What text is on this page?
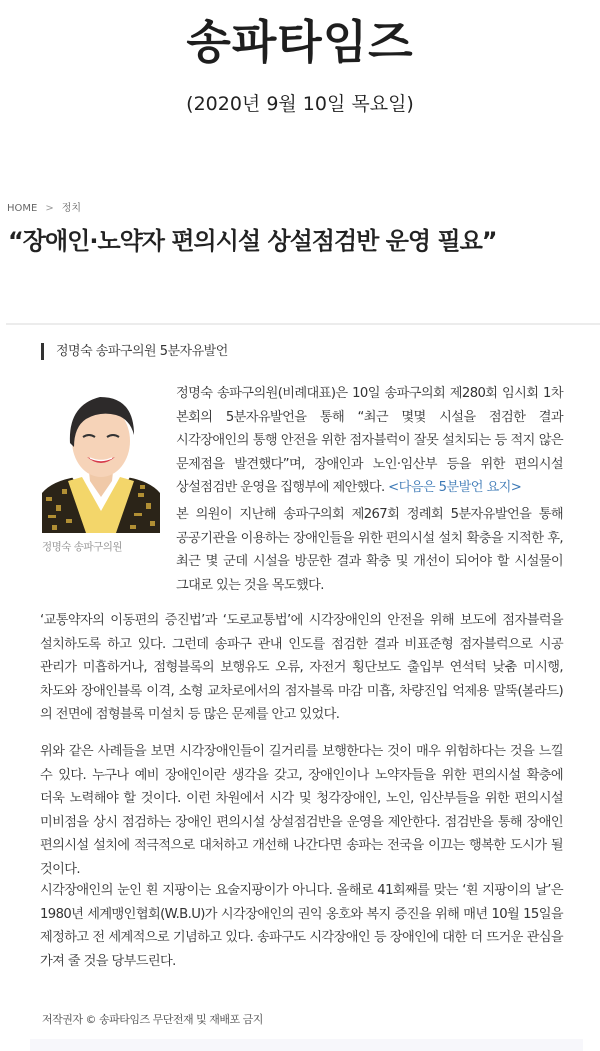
송파타임즈
(2020년 9월 10일 목요일)
HOME > 정치
“장애인·노약자 편의시설 상설점검반 운영 필요”
정명숙 송파구의원 5분자유발언
정명숙 송파구의원

정명숙 송파구의원(비례대표)은 10일 송파구의회 제280회 임시회 1차 본회의 5분자유발언을 통해 “최근 몇몇 시설을 점검한 결과 시각장애인의 통행 안전을 위한 점자블럭이 잘못 설치되는 등 적지 않은 문제점을 발견했다”며, 장애인과 노인·임산부 등을 위한 편의시설 상설점검반 운영을 집행부에 제안했다. <다음은 5분발언 요지>

본 의원이 지난해 송파구의회 제267회 정례회 5분자유발언을 통해 공공기관을 이용하는 장애인들을 위한 편의시설 설치 확충을 지적한 후, 최근 몇 군데 시설을 방문한 결과 확충 및 개선이 되어야 할 시설물이 그대로 있는 것을 목도했다.

‘교통약자의 이동편의 증진법’과 ‘도로교통법’에 시각장애인의 안전을 위해 보도에 점자블럭을 설치하도록 하고 있다. 그런데 송파구 관내 인도를 점검한 결과 비표준형 점자블럭으로 시공 관리가 미흡하거나, 점형블록의 보행유도 오류, 자전거 횡단보도 출입부 연석턱 낮춤 미시행, 차도와 장애인블록 이격, 소형 교차로에서의 점자블록 마감 미흡, 차량진입 억제용 말뚝(볼라드)의 전면에 점형블록 미설치 등 많은 문제를 안고 있었다.

위와 같은 사례들을 보면 시각장애인들이 길거리를 보행한다는 것이 매우 위험하다는 것을 느낄 수 있다. 누구나 예비 장애인이란 생각을 갖고, 장애인이나 노약자들을 위한 편의시설 확충에 더욱 노력해야 할 것이다. 이런 차원에서 시각 및 청각장애인, 노인, 임산부들을 위한 편의시설 미비점을 상시 점검하는 장애인 편의시설 상설점검반을 운영을 제안한다. 점검반을 통해 장애인 편의시설 설치에 적극적으로 대처하고 개선해 나간다면 송파는 전국을 이끄는 행복한 도시가 될 것이다.

시각장애인의 눈인 흰 지팡이는 요술지팡이가 아니다. 올해로 41회째를 맞는 ‘흰 지팡이의 날’은 1980년 세계맹인협회(W.B.U)가 시각장애인의 권익 옹호와 복지 증진을 위해 매년 10월 15일을 제정하고 전 세계적으로 기념하고 있다. 송파구도 시각장애인 등 장애인에 대한 더 뜨거운 관심을 가져 줄 것을 당부드린다.

저작권자 © 송파타임즈 무단전재 및 재배포 금지
